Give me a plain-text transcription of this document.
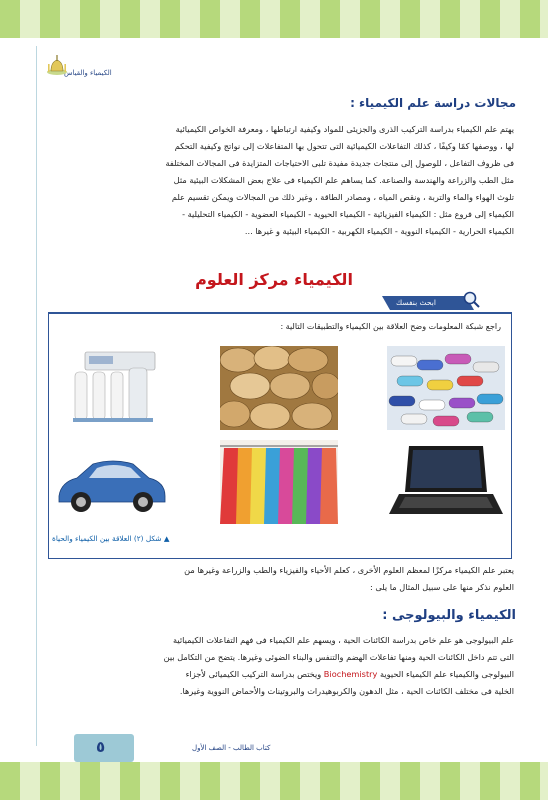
الكيمياء والقياس
مجالات دراسة علم الكيمياء :
يهتم علم الكيمياء بدراسة التركيب الذرى والجزيئى للمواد وكيفية ارتباطها ، ومعرفة الخواص الكيميائية
لها ، ووصفها كمًا وكيفًا ، كذلك التفاعلات الكيميائية التى تتحول بها المتفاعلات إلى نواتج وكيفية التحكم
فى ظروف التفاعل ، للوصول إلى منتجات جديدة مفيدة تلبى الاحتياجات المتزايدة فى المجالات المختلفة
مثل الطب والزراعة والهندسة والصناعة. كما يساهم علم الكيمياء فى علاج بعض المشكلات البيئية مثل
تلوث الهواء والماء والتربة ، ونقص المياه ، ومصادر الطاقة ، وغير ذلك من المجالات ويمكن تقسيم علم
الكيمياء إلى فروع مثل : الكيمياء الفيزيائية - الكيمياء الحيوية - الكيمياء العضوية - الكيمياء التحليلية -
الكيمياء الحرارية - الكيمياء النووية - الكيمياء الكهربية - الكيمياء البيئية و غيرها ...
الكيمياء مركز العلوم
ابحث بنفسك
راجع شبكة المعلومات وضح العلاقة بين الكيمياء والتطبيقات التالية :
▲ شكل (٢) العلاقة بين الكيمياء والحياة
يعتبر علم الكيمياء مركزًا لمعظم العلوم الأخرى ، كعلم الأحياء والفيزياء والطب والزراعة وغيرها من
العلوم نذكر منها على سبيل المثال ما يلى :
الكيمياء والبيولوجى :
علم البيولوجى هو علم خاص بدراسة الكائنات الحية ، ويسهم علم الكيمياء فى فهم التفاعلات الكيميائية
التى تتم داخل الكائنات الحية ومنها تفاعلات الهضم والتنفس والبناء الضوئى وغيرها. يتضح من التكامل بين
البيولوجى والكيمياء علم الكيمياء الحيوية Biochemistry ويختص بدراسة التركيب الكيميائى لأجزاء
الخلية فى مختلف الكائنات الحية ، مثل الدهون والكربوهيدرات والبروتينات والأحماض النووية وغيرها.
٥	كتاب الطالب - الصف الأول
